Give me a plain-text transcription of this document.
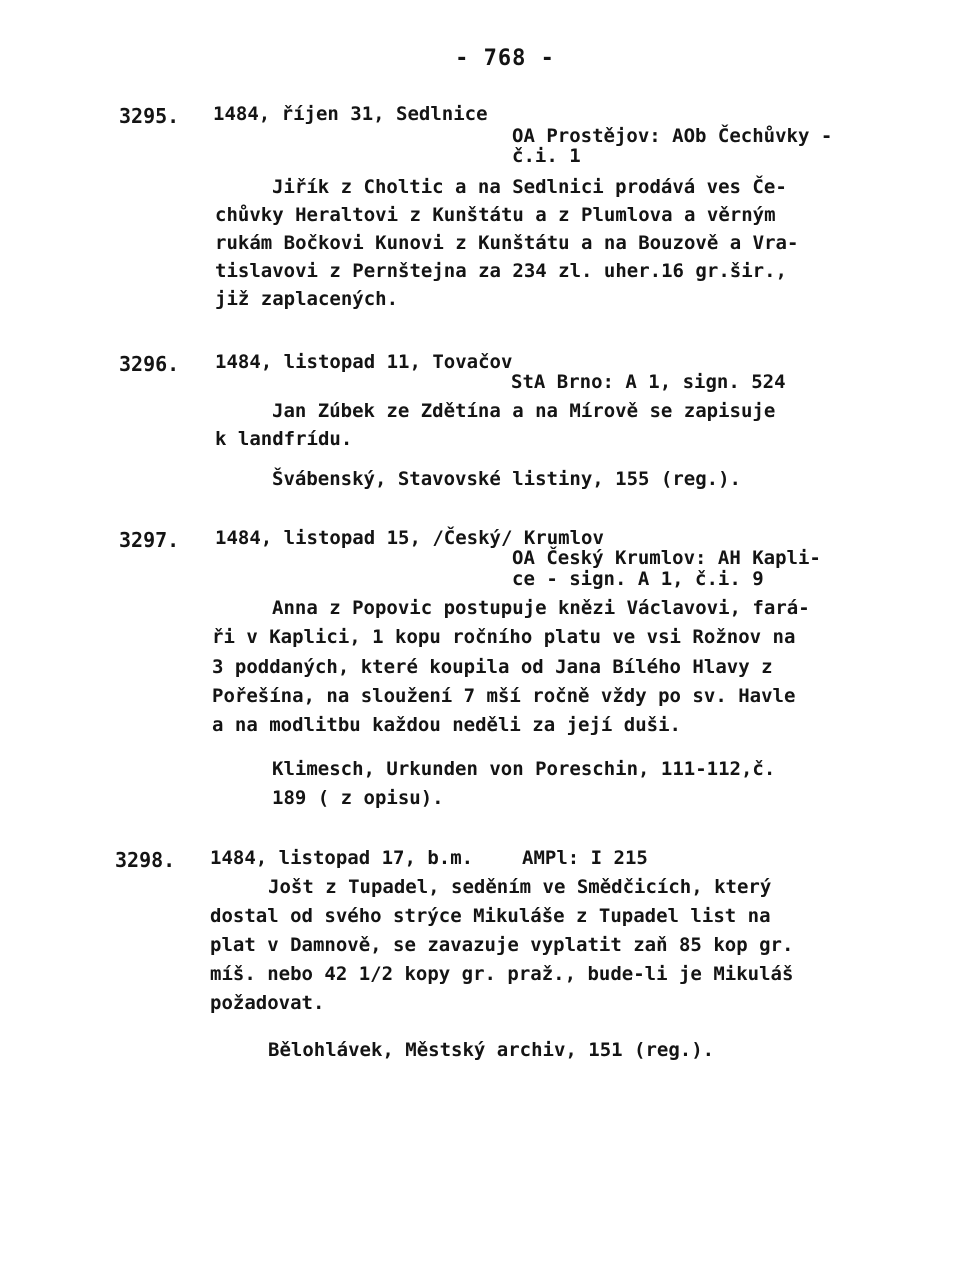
- 768 -
3295. 1484, říjen 31, Sedlnice
OA Prostějov: AOb Čechůvky -
č.i. 1
Jiřík z Choltic a na Sedlnici prodává ves Če-
chůvky Heraltovi z Kunštátu a z Plumlova a věrným
rukám Bočkovi Kunovi z Kunštátu a na Bouzově a Vra-
tislavovi z Pernštejna za 234 zl. uher.16 gr.šir.,
již zaplacených.
3296. 1484, listopad 11, Tovačov
StA Brno: A 1, sign. 524
Jan Zúbek ze Zdětína a na Mírově se zapisuje
k landfrídu.
Švábenský, Stavovské listiny, 155 (reg.).
3297. 1484, listopad 15, /Český/ Krumlov
OA Český Krumlov: AH Kapli-
ce - sign. A 1, č.i. 9
Anna z Popovic postupuje knězi Václavovi, fará-
ři v Kaplici, 1 kopu ročního platu ve vsi Rožnov na
3 poddaných, které koupila od Jana Bílého Hlavy z
Pořešína, na sloužení 7 mší ročně vždy po sv. Havle
a na modlitbu každou neděli za její duši.
Klimesch, Urkunden von Poreschin, 111-112,č.
189 ( z opisu).
3298. 1484, listopad 17, b.m.	AMPl: I 215
Jošt z Tupadel, seděním ve Smědčicích, který
dostal od svého strýce Mikuláše z Tupadel list na
plat v Damnově, se zavazuje vyplatit zaň 85 kop gr.
míš. nebo 42 1/2 kopy gr. praž., bude-li je Mikuláš
požadovat.
Bělohlávek, Městský archiv, 151 (reg.).
